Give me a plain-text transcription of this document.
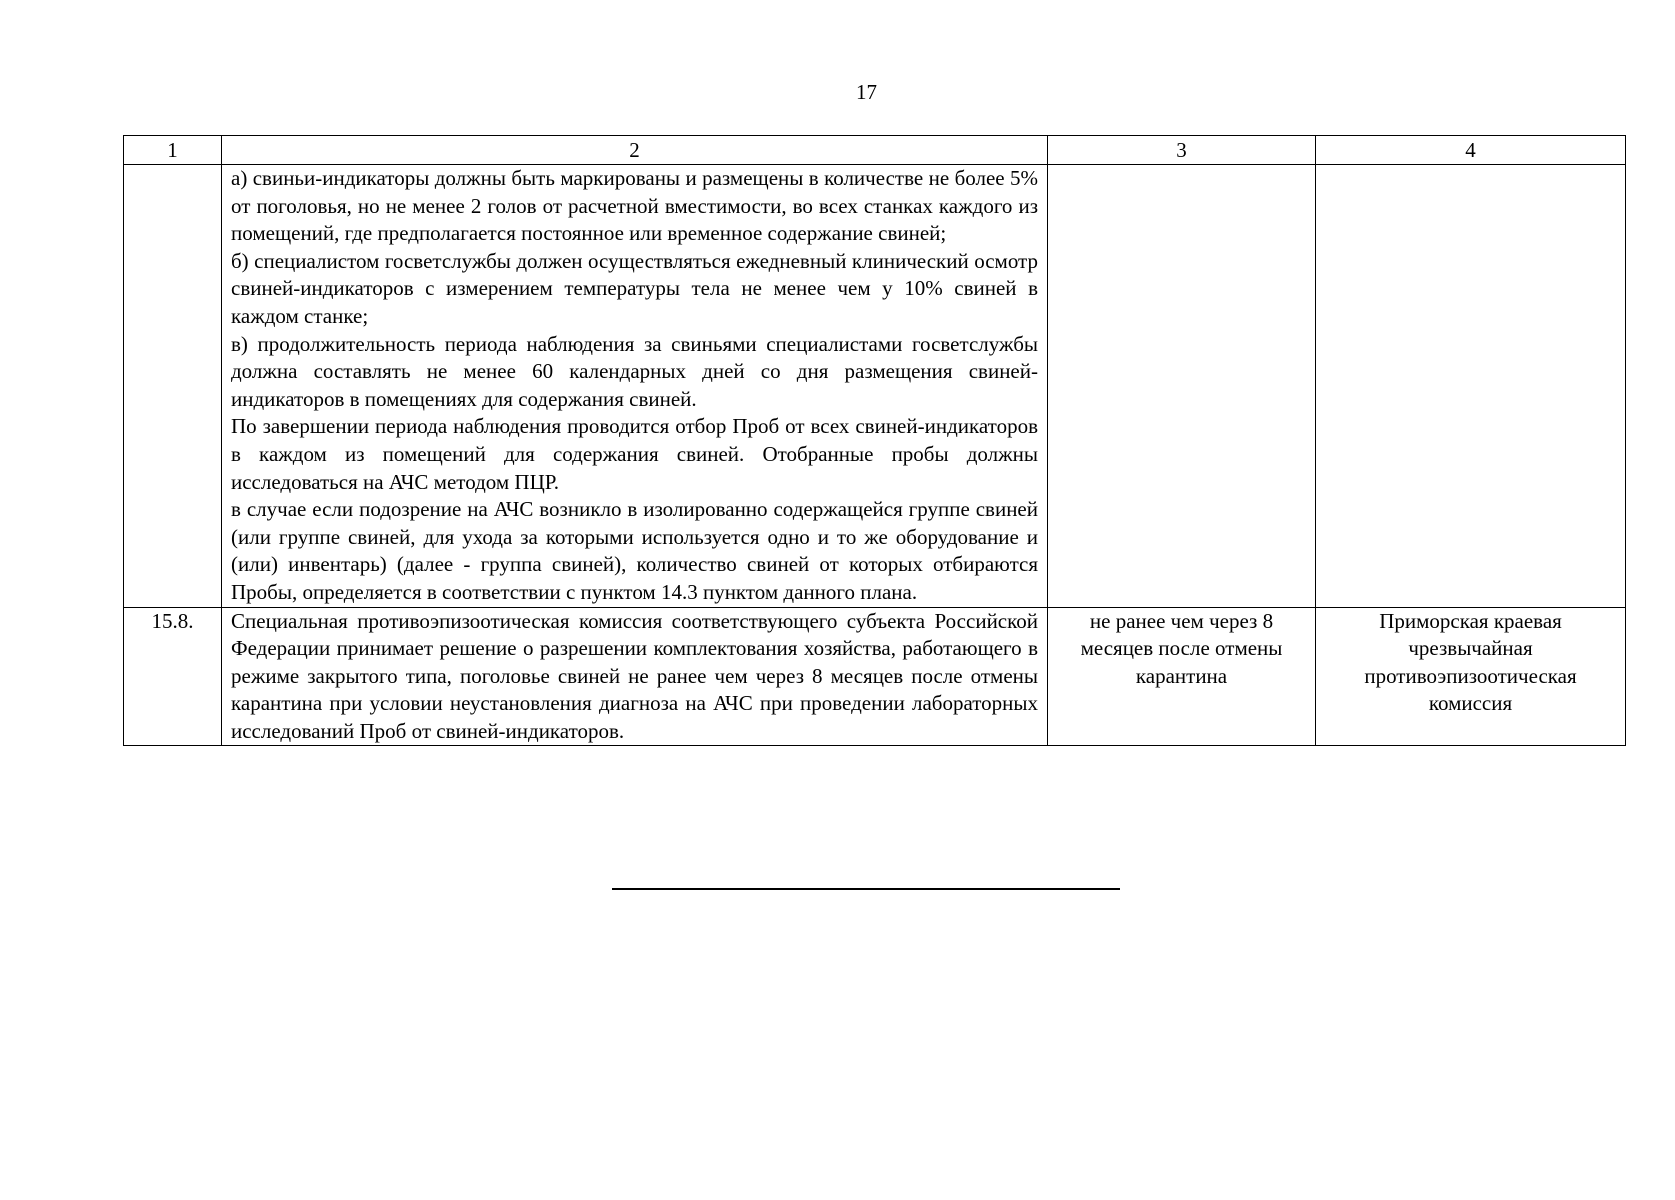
17
1	2	3	4

	а) свиньи-индикаторы должны быть маркированы и размещены в количестве не более 5% от поголовья, но не менее 2 голов от расчетной вместимости, во всех станках каждого из помещений, где предполагается постоянное или временное содержание свиней;
б) специалистом госветслужбы должен осуществляться ежедневный клинический осмотр свиней-индикаторов с измерением температуры тела не менее чем у 10% свиней в каждом станке;
в) продолжительность периода наблюдения за свиньями специалистами госветслужбы должна составлять не менее 60 календарных дней со дня размещения свиней-индикаторов в помещениях для содержания свиней.
По завершении периода наблюдения проводится отбор Проб от всех свиней-индикаторов в каждом из помещений для содержания свиней. Отобранные пробы должны исследоваться на АЧС методом ПЦР.
в случае если подозрение на АЧС возникло в изолированно содержащейся группе свиней (или группе свиней, для ухода за которыми используется одно и то же оборудование и (или) инвентарь) (далее - группа свиней), количество свиней от которых отбираются Пробы, определяется в соответствии с пунктом 14.3 пунктом данного плана.		

15.8.	Специальная противоэпизоотическая комиссия соответствующего субъекта Российской Федерации принимает решение о разрешении комплектования хозяйства, работающего в режиме закрытого типа, поголовье свиней не ранее чем через 8 месяцев после отмены карантина при условии неустановления диагноза на АЧС при проведении лабораторных исследований Проб от свиней-индикаторов.	не ранее чем через 8 месяцев после отмены карантина	Приморская краевая чрезвычайная противоэпизоотическая комиссия
